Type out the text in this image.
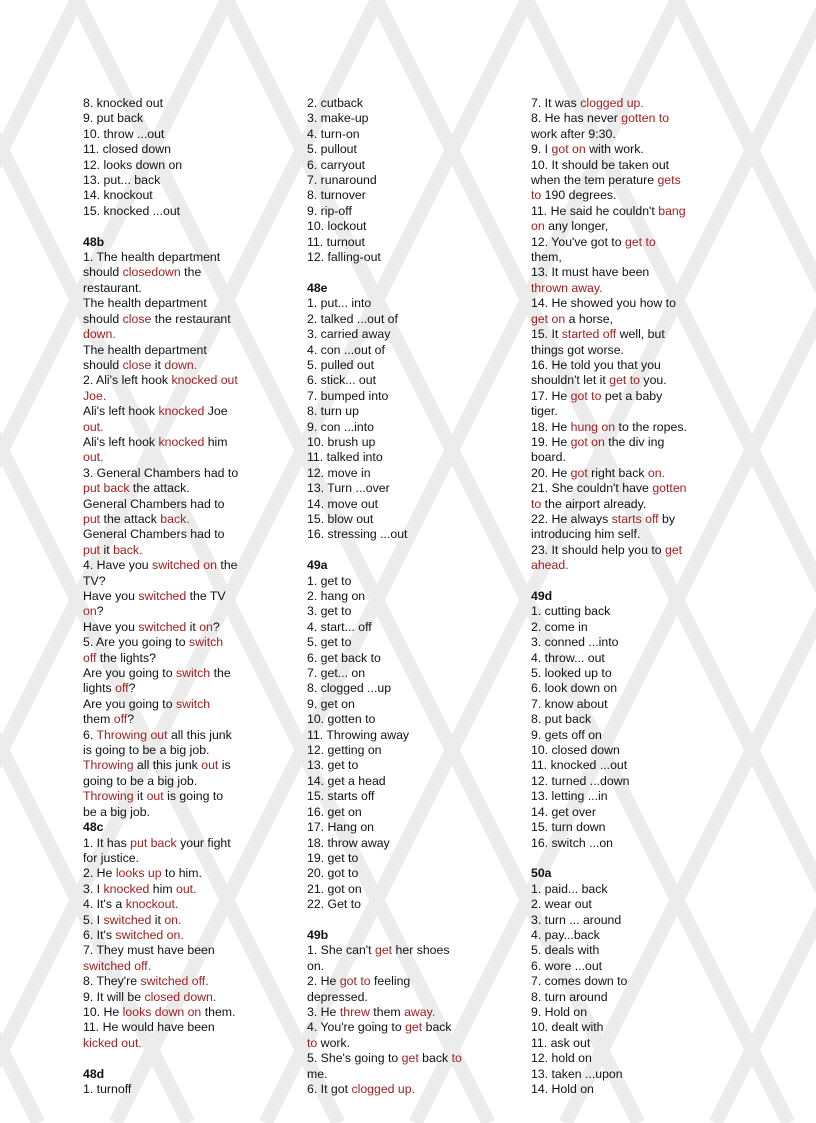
8. knocked out
9. put back
10. throw ...out
11. closed down
12. looks down on
13. put... back
14. knockout
15. knocked ...out

48b
1. The health department
should closedown the
restaurant.
The health department
should close the restaurant
down.
The health department
should close it down.
2. Ali's left hook knocked out
Joe.
Ali's left hook knocked Joe
out.
Ali's left hook knocked him
out.
3. General Chambers had to
put back the attack.
General Chambers had to
put the attack back.
General Chambers had to
put it back.
4. Have you switched on the
TV?
Have you switched the TV
on?
Have you switched it on?
5. Are you going to switch
off the lights?
Are you going to switch the
lights off?
Are you going to switch
them off?
6. Throwing out all this junk
is going to be a big job.
Throwing all this junk out is
going to be a big job.
Throwing it out is going to
be a big job.
48c
1. It has put back your fight
for justice.
2. He looks up to him.
3. I knocked him out.
4. It's a knockout.
5. I switched it on.
6. It's switched on.
7. They must have been
switched off.
8. They're switched off.
9. It will be closed down.
10. He looks down on them.
11. He would have been
kicked out.

48d
1. turnoff
2. cutback
3. make-up
4. turn-on
5. pullout
6. carryout
7. runaround
8. turnover
9. rip-off
10. lockout
11. turnout
12. falling-out

48e
1. put... into
2. talked ...out of
3. carried away
4. con ...out of
5. pulled out
6. stick... out
7. bumped into
8. turn up
9. con ...into
10. brush up
11. talked into
12. move in
13. Turn ...over
14. move out
15. blow out
16. stressing ...out

49a
1. get to
2. hang on
3. get to
4. start... off
5. get to
6. get back to
7. get... on
8. clogged ...up
9. get on
10. gotten to
11. Throwing away
12. getting on
13. get to
14. get a head
15. starts off
16. get on
17. Hang on
18. throw away
19. get to
20. got to
21. got on
22. Get to

49b
1. She can't get her shoes
on.
2. He got to feeling
depressed.
3. He threw them away.
4. You're going to get back
to work.
5. She's going to get back to
me.
6. It got clogged up.
7. It was clogged up.
8. He has never gotten to
work after 9:30.
9. I got on with work.
10. It should be taken out
when the tem perature gets
to 190 degrees.
11. He said he couldn't bang
on any longer,
12. You've got to get to
them,
13. It must have been
thrown away.
14. He showed you how to
get on a horse,
15. It started off well, but
things got worse.
16. He told you that you
shouldn't let it get to you.
17. He got to pet a baby
tiger.
18. He hung on to the ropes.
19. He got on the div ing
board.
20. He got right back on.
21. She couldn't have gotten
to the airport already.
22. He always starts off by
introducing him self.
23. It should help you to get
ahead.

49d
1. cutting back
2. come in
3. conned ...into
4. throw... out
5. looked up to
6. look down on
7. know about
8. put back
9. gets off on
10. closed down
11. knocked ...out
12. turned ...down
13. letting ...in
14. get over
15. turn down
16. switch ...on

50a
1. paid... back
2. wear out
3. turn ... around
4. pay...back
5. deals with
6. wore ...out
7. comes down to
8. turn around
9. Hold on
10. dealt with
11. ask out
12. hold on
13. taken ...upon
14. Hold on
